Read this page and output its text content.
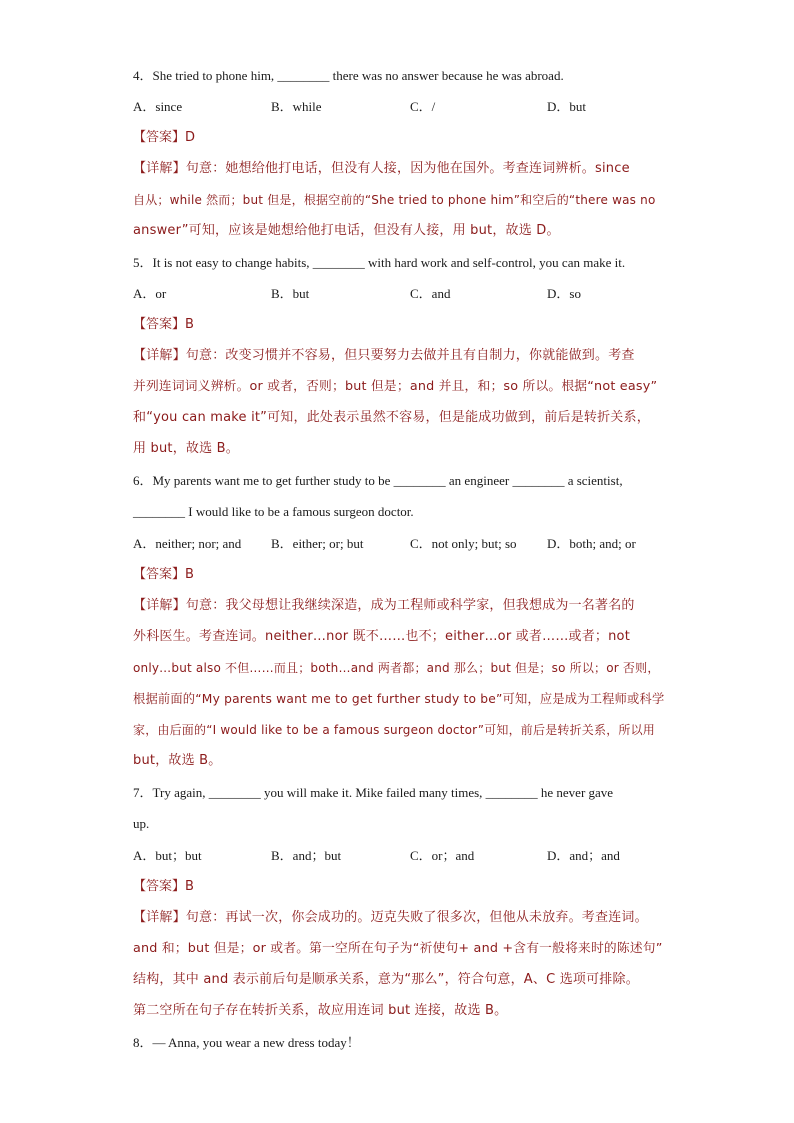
4．She tried to phone him, ________ there was no answer because he was abroad.
A．since	B．while	C．/	D．but
【答案】D
【详解】句意：她想给他打电话，但没有人接，因为他在国外。考查连词辨析。since
自从；while 然而；but 但是，根据空前的“She tried to phone him”和空后的“there was no
answer”可知，应该是她想给他打电话，但没有人接，用 but，故选 D。
5．It is not easy to change habits, ________ with hard work and self-control, you can make it.
A．or	B．but	C．and	D．so
【答案】B
【详解】句意：改变习惯并不容易，但只要努力去做并且有自制力，你就能做到。考查
并列连词词义辨析。or 或者，否则；but 但是；and 并且，和；so 所以。根据“not easy”
和“you can make it”可知，此处表示虽然不容易，但是能成功做到，前后是转折关系，
用 but，故选 B。
6．My parents want me to get further study to be ________ an engineer ________ a scientist,
________ I would like to be a famous surgeon doctor.
A．neither; nor; and B．either; or; but	C．not only; but; so D．both; and; or
【答案】B
【详解】句意：我父母想让我继续深造，成为工程师或科学家，但我想成为一名著名的
外科医生。考查连词。neither…nor 既不……也不；either…or 或者……或者；not
only…but also 不但……而且；both…and 两者都；and 那么；but 但是；so 所以；or 否则，
根据前面的“My parents want me to get further study to be”可知，应是成为工程师或科学
家，由后面的“I would like to be a famous surgeon doctor”可知，前后是转折关系，所以用
but，故选 B。
7．Try again, ________ you will make it. Mike failed many times, ________ he never gave
up.
A．but；but	B．and；but	C．or；and	D．and；and
【答案】B
【详解】句意：再试一次，你会成功的。迈克失败了很多次，但他从未放弃。考查连词。
and 和；but 但是；or 或者。第一空所在句子为“祈使句+ and +含有一般将来时的陈述句”
结构，其中 and 表示前后句是顺承关系，意为“那么”，符合句意，A、C 选项可排除。
第二空所在句子存在转折关系，故应用连词 but 连接，故选 B。
8．— Anna, you wear a new dress today！
